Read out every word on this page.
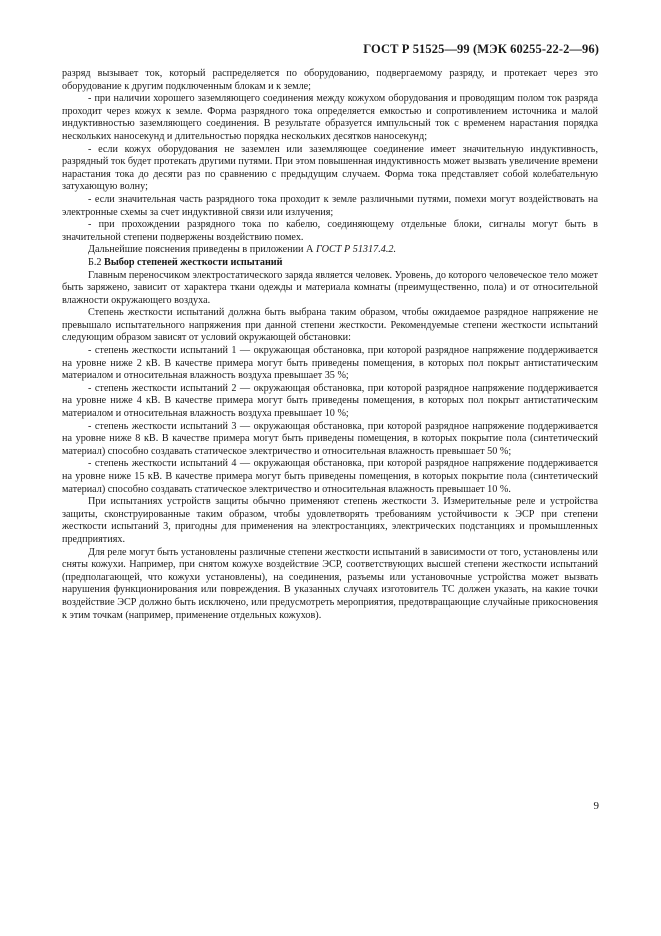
ГОСТ Р 51525—99 (МЭК 60255-22-2—96)

разряд вызывает ток, который распределяется по оборудованию, подвергаемому разряду, и протекает через это оборудование к другим подключенным блокам и к земле;

- при наличии хорошего заземляющего соединения между кожухом оборудования и проводящим полом ток разряда проходит через кожух к земле. Форма разрядного тока определяется емкостью и сопротивлением источника и малой индуктивностью заземляющего соединения. В результате образуется импульсный ток с временем нарастания порядка нескольких наносекунд и длительностью порядка нескольких десятков наносекунд;

- если кожух оборудования не заземлен или заземляющее соединение имеет значительную индуктивность, разрядный ток будет протекать другими путями. При этом повышенная индуктивность может вызвать увеличение времени нарастания тока до десяти раз по сравнению с предыдущим случаем. Форма тока представляет собой колебательную затухающую волну;

- если значительная часть разрядного тока проходит к земле различными путями, помехи могут воздействовать на электронные схемы за счет индуктивной связи или излучения;

- при прохождении разрядного тока по кабелю, соединяющему отдельные блоки, сигналы могут быть в значительной степени подвержены воздействию помех.

Дальнейшие пояснения приведены в приложении А ГОСТ Р 51317.4.2.

Б.2 Выбор степеней жесткости испытаний

Главным переносчиком электростатического заряда является человек. Уровень, до которого человеческое тело может быть заряжено, зависит от характера ткани одежды и материала комнаты (преимущественно, пола) и от относительной влажности окружающего воздуха.

Степень жесткости испытаний должна быть выбрана таким образом, чтобы ожидаемое разрядное напряжение не превышало испытательного напряжения при данной степени жесткости. Рекомендуемые степени жесткости испытаний следующим образом зависят от условий окружающей обстановки:

- степень жесткости испытаний 1 — окружающая обстановка, при которой разрядное напряжение поддерживается на уровне ниже 2 кВ. В качестве примера могут быть приведены помещения, в которых пол покрыт антистатическим материалом и относительная влажность воздуха превышает 35 %;

- степень жесткости испытаний 2 — окружающая обстановка, при которой разрядное напряжение поддерживается на уровне ниже 4 кВ. В качестве примера могут быть приведены помещения, в которых пол покрыт антистатическим материалом и относительная влажность воздуха превышает 10 %;

- степень жесткости испытаний 3 — окружающая обстановка, при которой разрядное напряжение поддерживается на уровне ниже 8 кВ. В качестве примера могут быть приведены помещения, в которых покрытие пола (синтетический материал) способно создавать статическое электричество и относительная влажность превышает 50 %;

- степень жесткости испытаний 4 — окружающая обстановка, при которой разрядное напряжение поддерживается на уровне ниже 15 кВ. В качестве примера могут быть приведены помещения, в которых покрытие пола (синтетический материал) способно создавать статическое электричество и относительная влажность превышает 10 %.

При испытаниях устройств защиты обычно применяют степень жесткости 3. Измерительные реле и устройства защиты, сконструированные таким образом, чтобы удовлетворять требованиям устойчивости к ЭСР при степени жесткости испытаний 3, пригодны для применения на электростанциях, электрических подстанциях и промышленных предприятиях.

Для реле могут быть установлены различные степени жесткости испытаний в зависимости от того, установлены или сняты кожухи. Например, при снятом кожухе воздействие ЭСР, соответствующих высшей степени жесткости испытаний (предполагающей, что кожухи установлены), на соединения, разъемы или установочные устройства может вызвать нарушения функционирования или повреждения. В указанных случаях изготовитель ТС должен указать, на какие точки воздействие ЭСР должно быть исключено, или предусмотреть мероприятия, предотвращающие случайные прикосновения к этим точкам (например, применение отдельных кожухов).

9
